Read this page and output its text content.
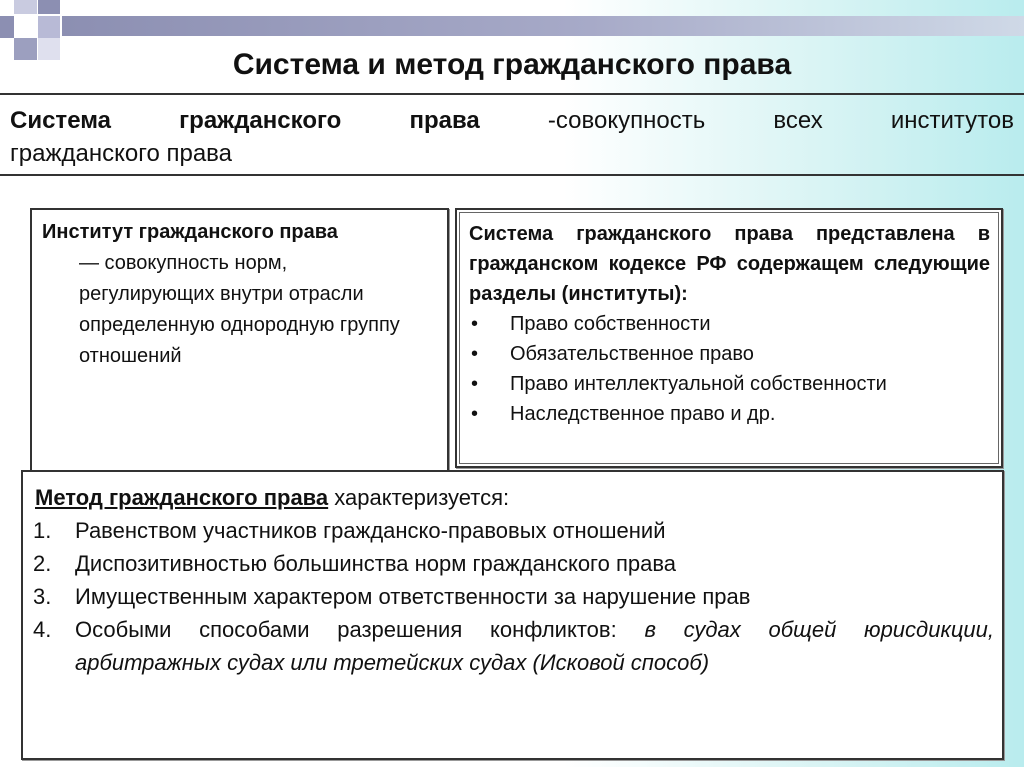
Система и метод гражданского права
Система	гражданского	права	-совокупность	всех	институтов
гражданского права
Институт гражданского права
— совокупность норм, регулирующих внутри отрасли определенную однородную группу отношений
Система гражданского права представлена в гражданском кодексе РФ содержащем следующие разделы (институты):
•	Право собственности
•	Обязательственное право
•	Право интеллектуальной собственности
•	Наследственное право и др.
Метод гражданского права характеризуется:
1.	Равенством участников гражданско-правовых отношений
2.	Диспозитивностью большинства норм гражданского права
3.	Имущественным характером ответственности за нарушение прав
4.	Особыми способами разрешения конфликтов: в судах общей юрисдикции, арбитражных судах или третейских судах (Исковой способ)
